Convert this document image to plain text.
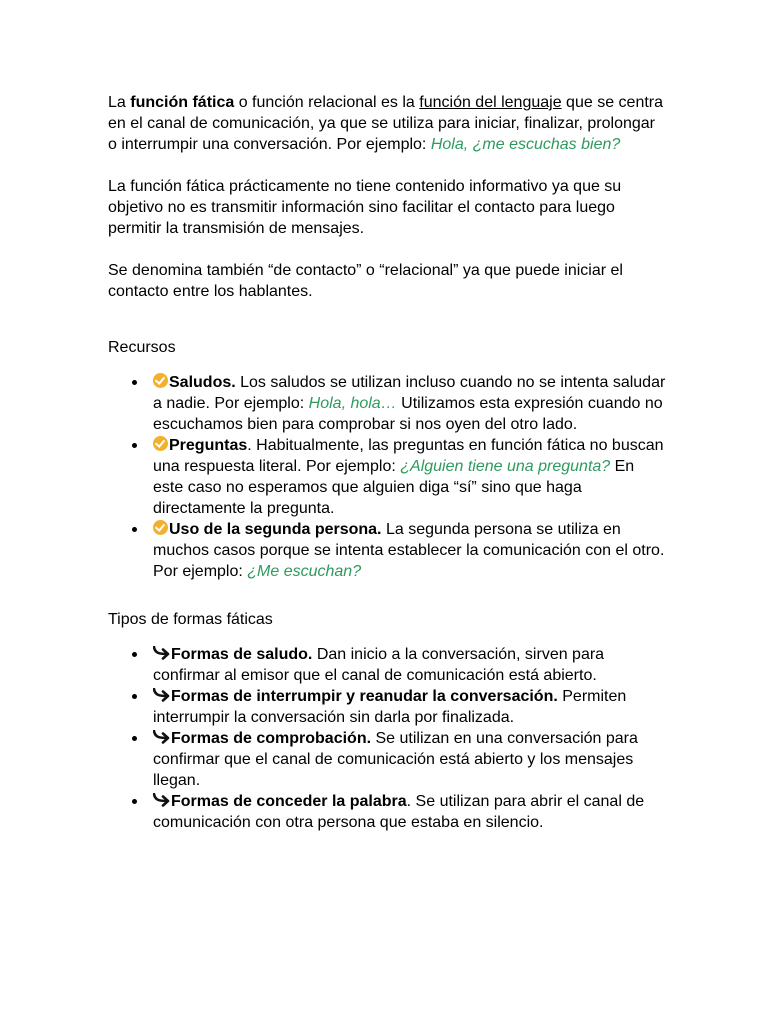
La función fática o función relacional es la función del lenguaje que se centra en el canal de comunicación, ya que se utiliza para iniciar, finalizar, prolongar o interrumpir una conversación. Por ejemplo: Hola, ¿me escuchas bien?

La función fática prácticamente no tiene contenido informativo ya que su objetivo no es transmitir información sino facilitar el contacto para luego permitir la transmisión de mensajes.

Se denomina también “de contacto” o “relacional” ya que puede iniciar el contacto entre los hablantes.

Recursos

Saludos. Los saludos se utilizan incluso cuando no se intenta saludar a nadie. Por ejemplo: Hola, hola… Utilizamos esta expresión cuando no escuchamos bien para comprobar si nos oyen del otro lado.
Preguntas. Habitualmente, las preguntas en función fática no buscan una respuesta literal. Por ejemplo: ¿Alguien tiene una pregunta? En este caso no esperamos que alguien diga “sí” sino que haga directamente la pregunta.
Uso de la segunda persona. La segunda persona se utiliza en muchos casos porque se intenta establecer la comunicación con el otro. Por ejemplo: ¿Me escuchan?

Tipos de formas fáticas

Formas de saludo. Dan inicio a la conversación, sirven para confirmar al emisor que el canal de comunicación está abierto.
Formas de interrumpir y reanudar la conversación. Permiten interrumpir la conversación sin darla por finalizada.
Formas de comprobación. Se utilizan en una conversación para confirmar que el canal de comunicación está abierto y los mensajes llegan.
Formas de conceder la palabra. Se utilizan para abrir el canal de comunicación con otra persona que estaba en silencio.
